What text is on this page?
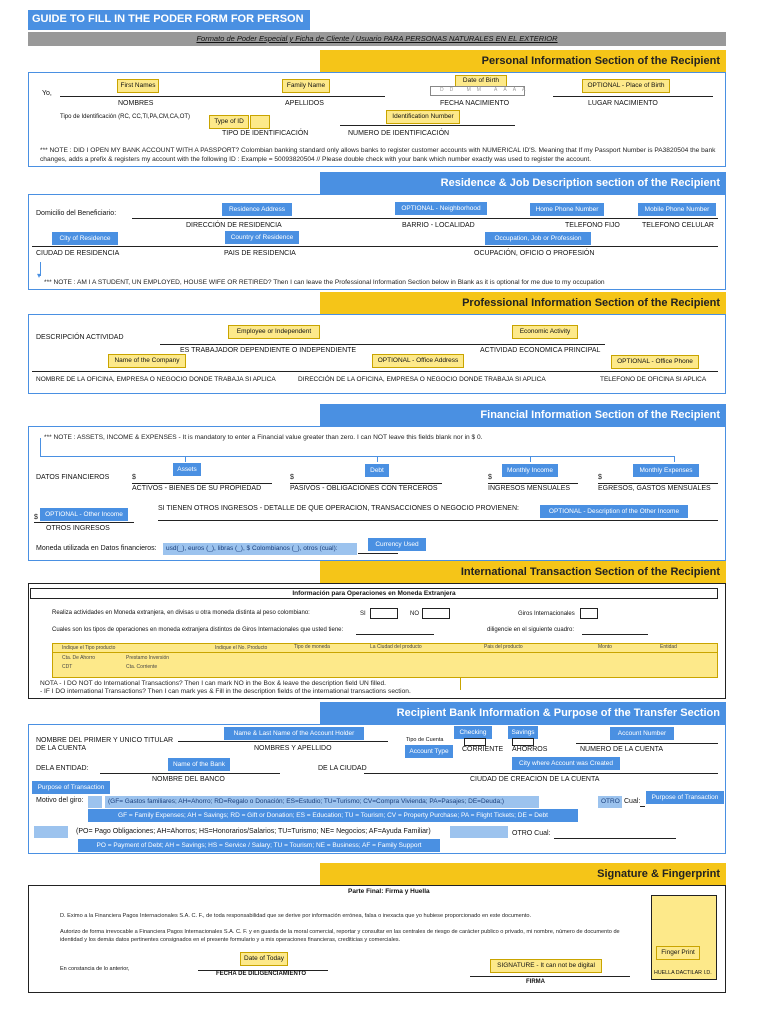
GUIDE TO FILL IN THE PODER FORM FOR PERSON
Formato de Poder Especial y Ficha de Cliente / Usuario PARA PERSONAS NATURALES EN EL EXTERIOR
Personal Information Section of the Recipient
Yo,
First Names	Family Name
Date of Birth
DD MM AAAA
OPTIONAL - Place of Birth
NOMBRES	APELLIDOS	FECHA NACIMIENTO	LUGAR NACIMIENTO
Tipo de Identificación (RC, CC,TI,PA,CM,CA,OT)
Type of ID
Identification Number
TIPO DE IDENTIFICACIÓN	NUMERO DE IDENTIFICACIÓN
*** NOTE : DID I OPEN MY BANK ACCOUNT WITH A PASSPORT? Colombian banking standard only allows banks to register customer accounts with NUMERICAL ID'S. Meaning that If my Passport Number is PA3820504 the bank changes, adds a prefix & registers my account with the following ID : Example = 50093820504 // Please double check with your bank which number exactly was used to register the account.
Residence & Job Description section of the Recipient
Domicilio del Beneficiario:
Residence Address	OPTIONAL - Neighborhood	Home Phone Number	Mobile Phone Number
DIRECCIÓN DE RESIDENCIA	BARRIO - LOCALIDAD	TELEFONO FIJO	TELEFONO CELULAR
City of Residence	Country of Residence	Occupation, Job or Profession
CIUDAD DE RESIDENCIA	PAIS DE RESIDENCIA	OCUPACIÓN, OFICIO O PROFESIÓN
▾
*** NOTE : AM I A STUDENT, UN EMPLOYED, HOUSE WIFE OR RETIRED? Then I can leave the Professional Information Section below in Blank as it is optional for me due to my occupation
Professional Information Section of the Recipient
DESCRIPCIÓN ACTIVIDAD
Employee or Independent	Economic Activity
ES TRABAJADOR DEPENDIENTE O INDEPENDIENTE	ACTIVIDAD ECONOMICA PRINCIPAL
Name of the Company	OPTIONAL - Office Address	OPTIONAL - Office Phone
NOMBRE DE LA OFICINA, EMPRESA O NEGOCIO DONDE TRABAJA SI APLICA	DIRECCIÓN DE LA OFICINA, EMPRESA O NEGOCIO DONDE TRABAJA SI APLICA	TELEFONO DE OFICINA SI APLICA
Financial Information Section of the Recipient
*** NOTE : ASSETS, INCOME & EXPENSES - It is mandatory to enter a Financial value greater than zero. I can NOT leave this fields blank nor in $ 0.
DATOS FINANCIEROS
Assets	Debt	Monthly Income	Monthly Expenses
$	$	$	$
ACTIVOS - BIENES DE SU PROPIEDAD	PASIVOS - OBLIGACIONES CON TERCEROS	INGRESOS MENSUALES	EGRESOS, GASTOS MENSUALES
OPTIONAL - Other Income
$
SI TIENEN OTROS INGRESOS - DETALLE DE QUE OPERACION, TRANSACCIONES O NEGOCIO PROVIENEN:	OPTIONAL - Description of the Other Income
OTROS INGRESOS
Moneda utilizada en Datos financieros:	usd(_), euros (_), libras (_), $ Colombianos (_), otros (cual):
Currency Used
International Transaction Section of the Recipient
Información para Operaciones en Moneda Extranjera
Realiza actividades en Moneda extranjera, en divisas u otra moneda distinta al peso colombiano:	SI	NO	Giros Internacionales
Cuales son los tipos de operaciones en moneda extranjera distintos de Giros Internacionales que usted tiene:	diligencie en el siguiente cuadro:
Indique el Tipo producto	Indique el No. Producto	Tipo de moneda	La Ciudad del producto	Pais del producto	Monto	Entidad
Cta. De Ahorro	Prestamo Inversión
CDT	Cta. Corriente
NOTA - I DO NOT do International Transactions? Then I can mark NO in the Box & leave the description field UN filled.
- IF I DO international Transactions? Then I can mark yes & Fill in the description fields of the international transactions section.
Recipient Bank Information & Purpose of the Transfer Section
NOMBRE DEL PRIMER Y UNICO TITULAR
DE LA CUENTA
Name & Last Name of the Account Holder
NOMBRES Y APELLIDO
Tipo de Cuenta
Checking	Savings	Account Number
Account Type	CORRIENTE AHORROS	NUMERO DE LA CUENTA
Name of the Bank	City where Account was Created
DELA ENTIDAD:	DE LA CIUDAD
NOMBRE DEL BANCO	CIUDAD DE CREACION DE LA CUENTA
Purpose of Transaction
Motivo del giro:	(GF= Gastos familiares; AH=Ahorro; RD=Regalo o Donación; ES=Estudio; TU=Turismo; CV=Compra Vivienda; PA=Pasajes; DE=Deuda;)	OTRO Cual:
Purpose of Transaction
GF = Family Expenses; AH = Savings; RD = Gift or Donation; ES = Education; TU = Tourism; CV = Property Purchase; PA = Flight Tickets; DE = Debt
(PO= Pago Obligaciones; AH=Ahorros; HS=Honorarios/Salarios; TU=Turismo; NE= Negocios; AF=Ayuda Familiar)	OTRO Cual:
PO = Payment of Debt; AH = Savings; HS = Service / Salary; TU = Tourism; NE = Business; AF = Family Support
Signature & Fingerprint
Parte Final: Firma y Huella
D. Eximo a la Financiera Pagos Internacionales S.A. C. F., de toda responsabilidad que se derive por información errónea, falsa o inexacta que yo hubiese proporcionado en este documento.
Autorizo de forma irrevocable a Financiera Pagos Internacionales S.A. C. F. y en guarda de la moral comercial, reportar y consultar en las centrales de riesgo de carácter publico o privado, mi nombre, número de documento de identidad y los demás datos pertinentes consignados en el presente formulario y a mis operaciones financieras, crediticias y comerciales.
En constancia de lo anterior,
Date of Today
FECHA DE DILIGENCIAMIENTO
SIGNATURE - It can not be digital
FIRMA
Finger Print
HUELLA DACTILAR I.D.
